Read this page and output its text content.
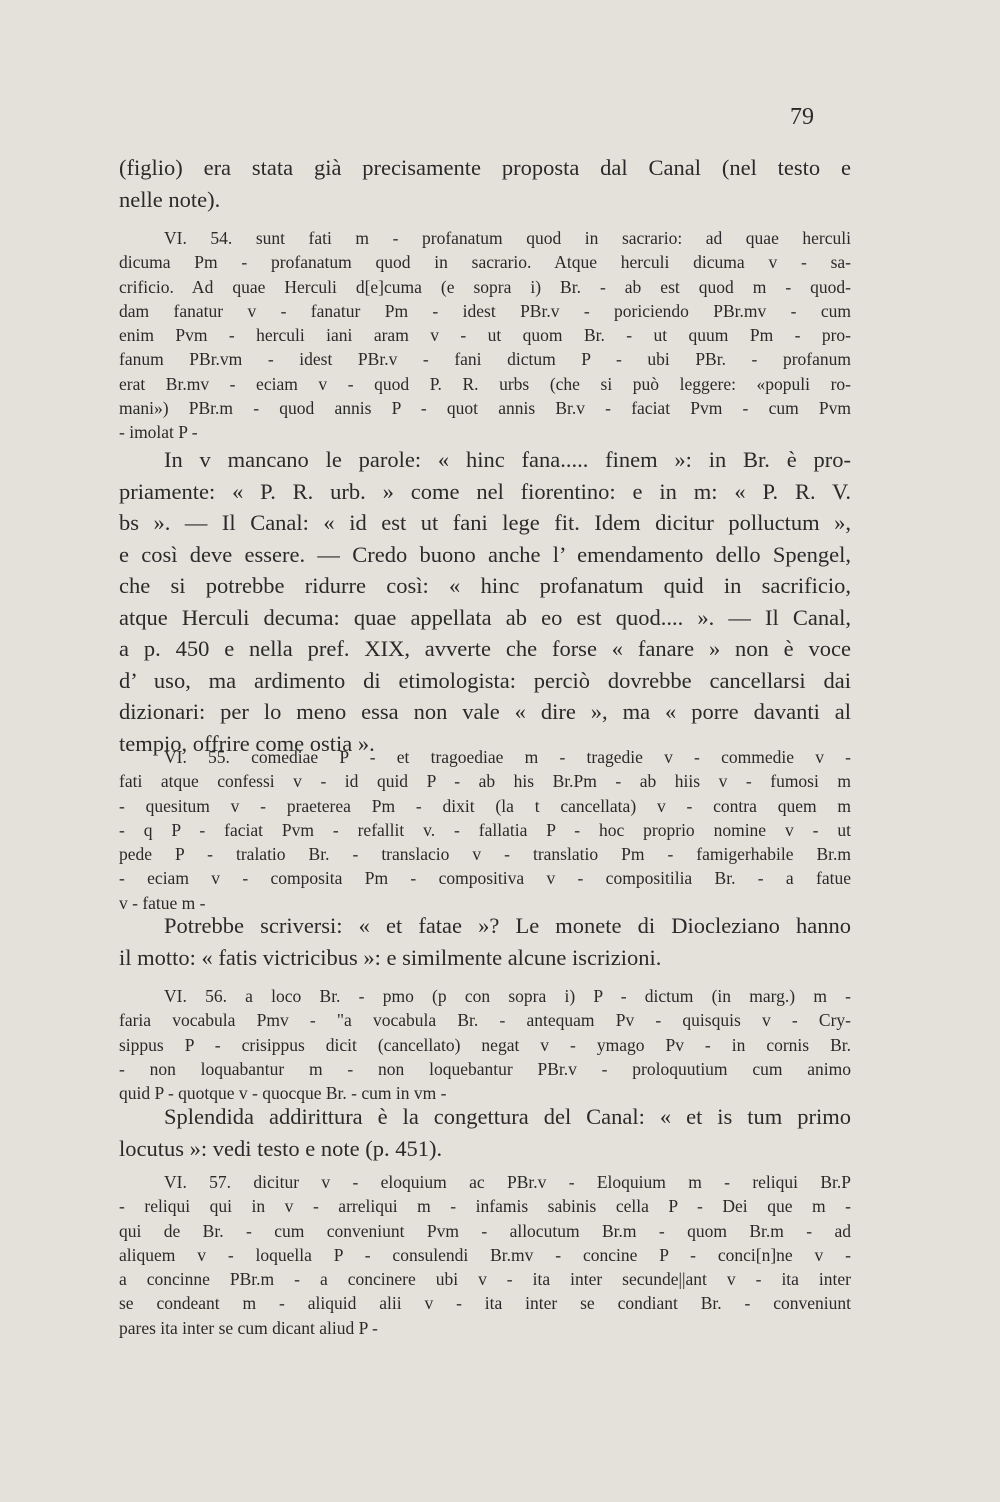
79
(figlio) era stata già precisamente proposta dal Canal (nel testo e
nelle note).
VI. 54. sunt fati m - profanatum quod in sacrario: ad quae herculi
dicuma Pm - profanatum quod in sacrario. Atque herculi dicuma v - sa-
crificio. Ad quae Herculi d[e]cuma (e sopra i) Br. - ab est quod m - quod-
dam fanatur v - fanatur Pm - idest PBr.v - poriciendo PBr.mv - cum
enim Pvm - herculi iani aram v - ut quom Br. - ut quum Pm - pro-
fanum PBr.vm - idest PBr.v - fani dictum P - ubi PBr. - profanum
erat Br.mv - eciam v - quod P. R. urbs (che si può leggere: «populi ro-
mani») PBr.m - quod annis P - quot annis Br.v - faciat Pvm - cum Pvm
- imolat P -
In v mancano le parole: « hinc fana..... finem »: in Br. è pro-
priamente: « P. R. urb. » come nel fiorentino: e in m: « P. R. V.
bs ». — Il Canal: « id est ut fani lege fit. Idem dicitur polluctum »,
e così deve essere. — Credo buono anche l’ emendamento dello Spengel,
che si potrebbe ridurre così: « hinc profanatum quid in sacrificio,
atque Herculi decuma: quae appellata ab eo est quod.... ». — Il Canal,
a p. 450 e nella pref. XIX, avverte che forse « fanare » non è voce
d’ uso, ma ardimento di etimologista: perciò dovrebbe cancellarsi dai
dizionari: per lo meno essa non vale « dire », ma « porre davanti al
tempio, offrire come ostia ».
VI. 55. comediae P - et tragoediae m - tragedie v - commedie v -
fati atque confessi v - id quid P - ab his Br.Pm - ab hiis v - fumosi m
- quesitum v - praeterea Pm - dixit (la t cancellata) v - contra quem m
- q P - faciat Pvm - refallit v. - fallatia P - hoc proprio nomine v - ut
pede P - tralatio Br. - translacio v - translatio Pm - famigerhabile Br.m
- eciam v - composita Pm - compositiva v - compositilia Br. - a fatue
v - fatue m -
Potrebbe scriversi: « et fatae »? Le monete di Diocleziano hanno
il motto: « fatis victricibus »: e similmente alcune iscrizioni.
VI. 56. a loco Br. - pmo (p con sopra i) P - dictum (in marg.) m -
faria vocabula Pmv - "a vocabula Br. - antequam Pv - quisquis v - Cry-
sippus P - crisippus dicit (cancellato) negat v - ymago Pv - in cornis Br.
- non loquabantur m - non loquebantur PBr.v - proloquutium cum animo
quid P - quotque v - quocque Br. - cum in vm -
Splendida addirittura è la congettura del Canal: « et is tum primo
locutus »: vedi testo e note (p. 451).
VI. 57. dicitur v - eloquium ac PBr.v - Eloquium m - reliqui Br.P
- reliqui qui in v - arreliqui m - infamis sabinis cella P - Dei que m -
qui de Br. - cum conveniunt Pvm - allocutum Br.m - quom Br.m - ad
aliquem v - loquella P - consulendi Br.mv - concine P - conci[n]ne v -
a concinne PBr.m - a concinere ubi v - ita inter secunde||ant v - ita inter
se condeant m - aliquid alii v - ita inter se condiant Br. - conveniunt
pares ita inter se cum dicant aliud P -
